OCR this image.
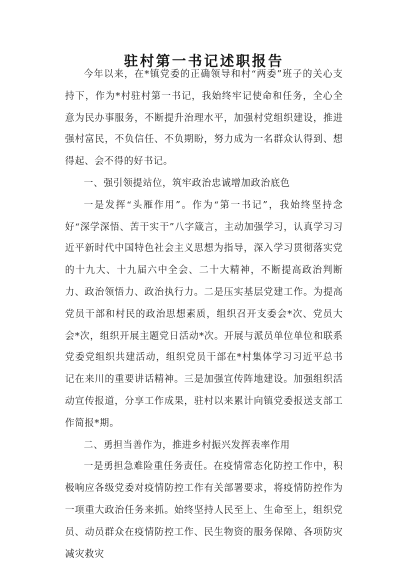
驻村第一书记述职报告

今年以来，在*镇党委的正确领导和村“两委”班子的关心支持下，作为*村驻村第一书记，我始终牢记使命和任务，全心全意为民办事服务，不断提升治理水平，加强村党组织建设，推进强村富民，不负信任、不负期盼，努力成为一名群众认得到、想得起、会不得的好书记。

一、强引领提站位，筑牢政治忠诚增加政治底色

一是发挥“头雁作用”。作为“第一书记”，我始终坚持念好“深学深悟、苦干实干”八字箴言，主动加强学习，认真学习习近平新时代中国特色社会主义思想为指导，深入学习贯彻落实党的十九大、十九届六中全会、二十大精神，不断提高政治判断力、政治领悟力、政治执行力。二是压实基层党建工作。为提高党员干部和村民的政治思想素质，组织召开支委会*次、党员大会*次，组织开展主题党日活动*次。开展与派员单位单位和联系党委党组织共建活动，组织党员干部在*村集体学习习近平总书记在来川的重要讲话精神。三是加强宣传阵地建设。加强组织活动宣传报道，分享工作成果，驻村以来累计向镇党委报送支部工作简报*期。

二、勇担当善作为，推进乡村振兴发挥表率作用

一是勇担急难险重任务责任。在疫情常态化防控工作中，积极响应各级党委对疫情防控工作有关部署要求，将疫情防控作为一项重大政治任务来抓。始终坚持人民至上、生命至上，组织党员、动员群众在疫情防控工作、民生物资的服务保障、各项防灾减灾救灾
